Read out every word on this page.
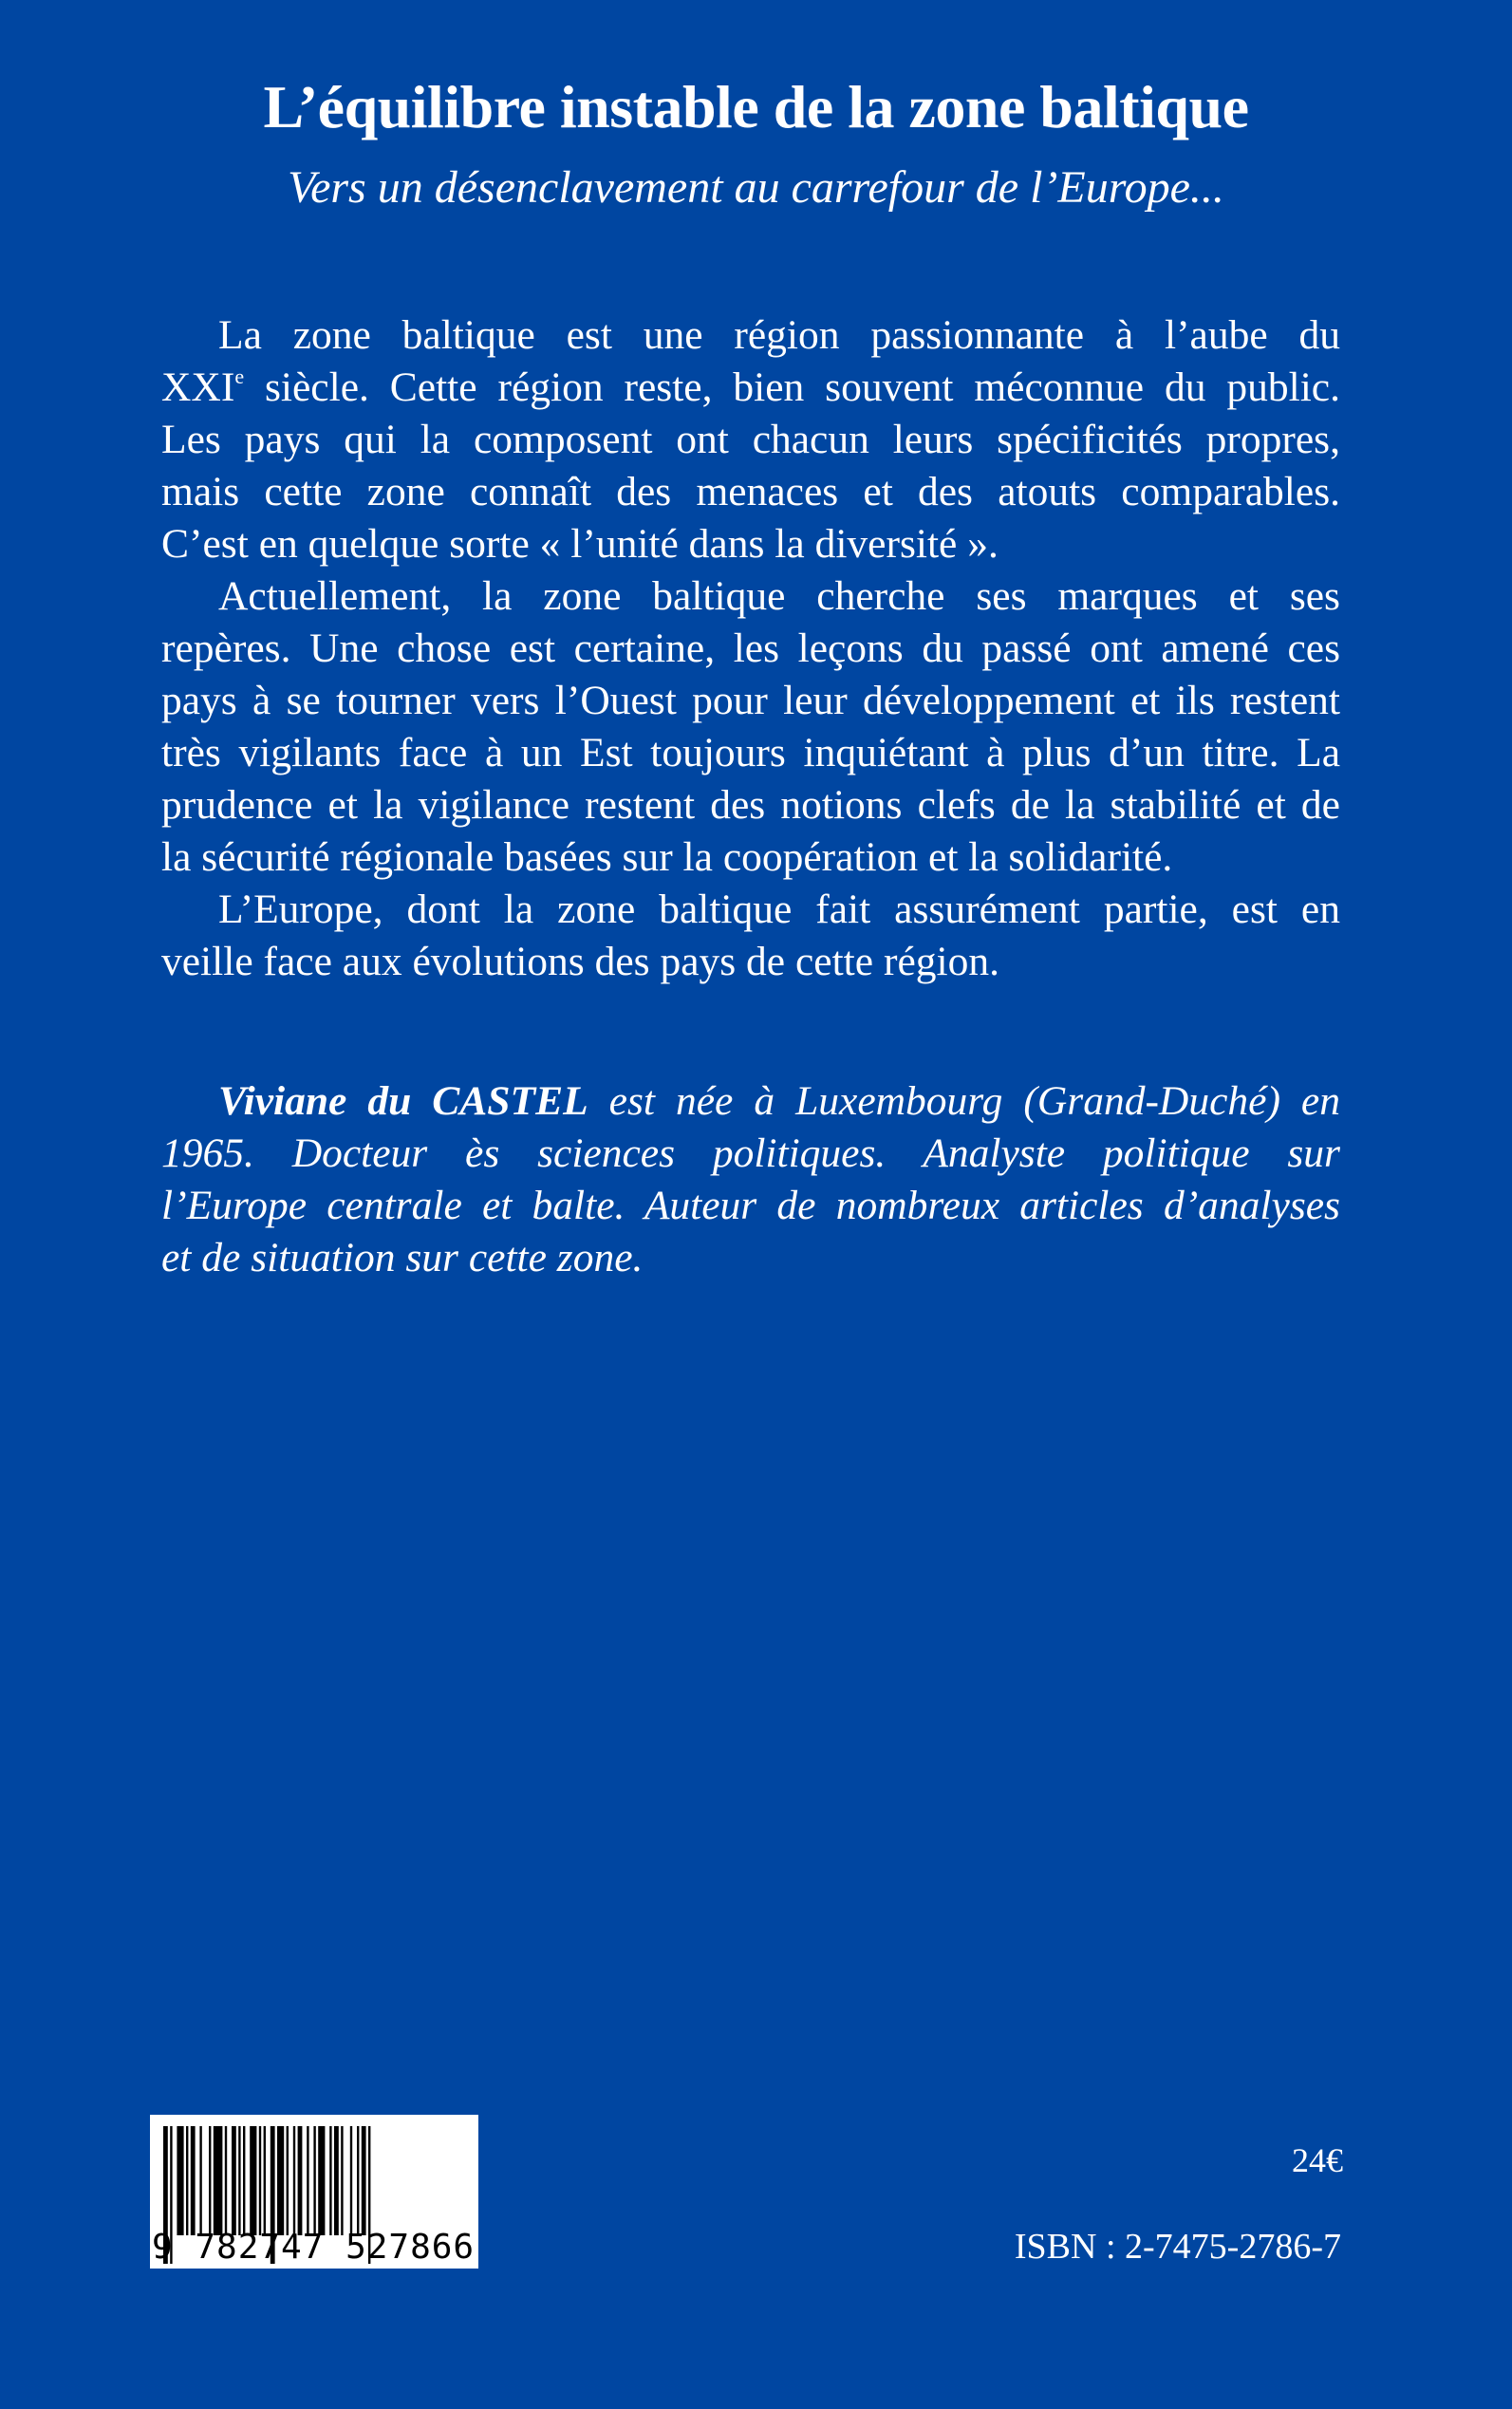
L’équilibre instable de la zone baltique
Vers un désenclavement au carrefour de l’Europe...
La zone baltique est une région passionnante à l’aube du
XXIe siècle. Cette région reste, bien souvent méconnue du public.
Les pays qui la composent ont chacun leurs spécificités propres,
mais cette zone connaît des menaces et des atouts comparables.
C’est en quelque sorte « l’unité dans la diversité ».
Actuellement, la zone baltique cherche ses marques et ses
repères. Une chose est certaine, les leçons du passé ont amené ces
pays à se tourner vers l’Ouest pour leur développement et ils restent
très vigilants face à un Est toujours inquiétant à plus d’un titre. La
prudence et la vigilance restent des notions clefs de la stabilité et de
la sécurité régionale basées sur la coopération et la solidarité.
L’Europe, dont la zone baltique fait assurément partie, est en
veille face aux évolutions des pays de cette région.
Viviane du CASTEL est née à Luxembourg (Grand-Duché) en
1965. Docteur ès sciences politiques. Analyste politique sur
l’Europe centrale et balte. Auteur de nombreux articles d’analyses
et de situation sur cette zone.
9 782747 527866
24€
ISBN : 2-7475-2786-7
